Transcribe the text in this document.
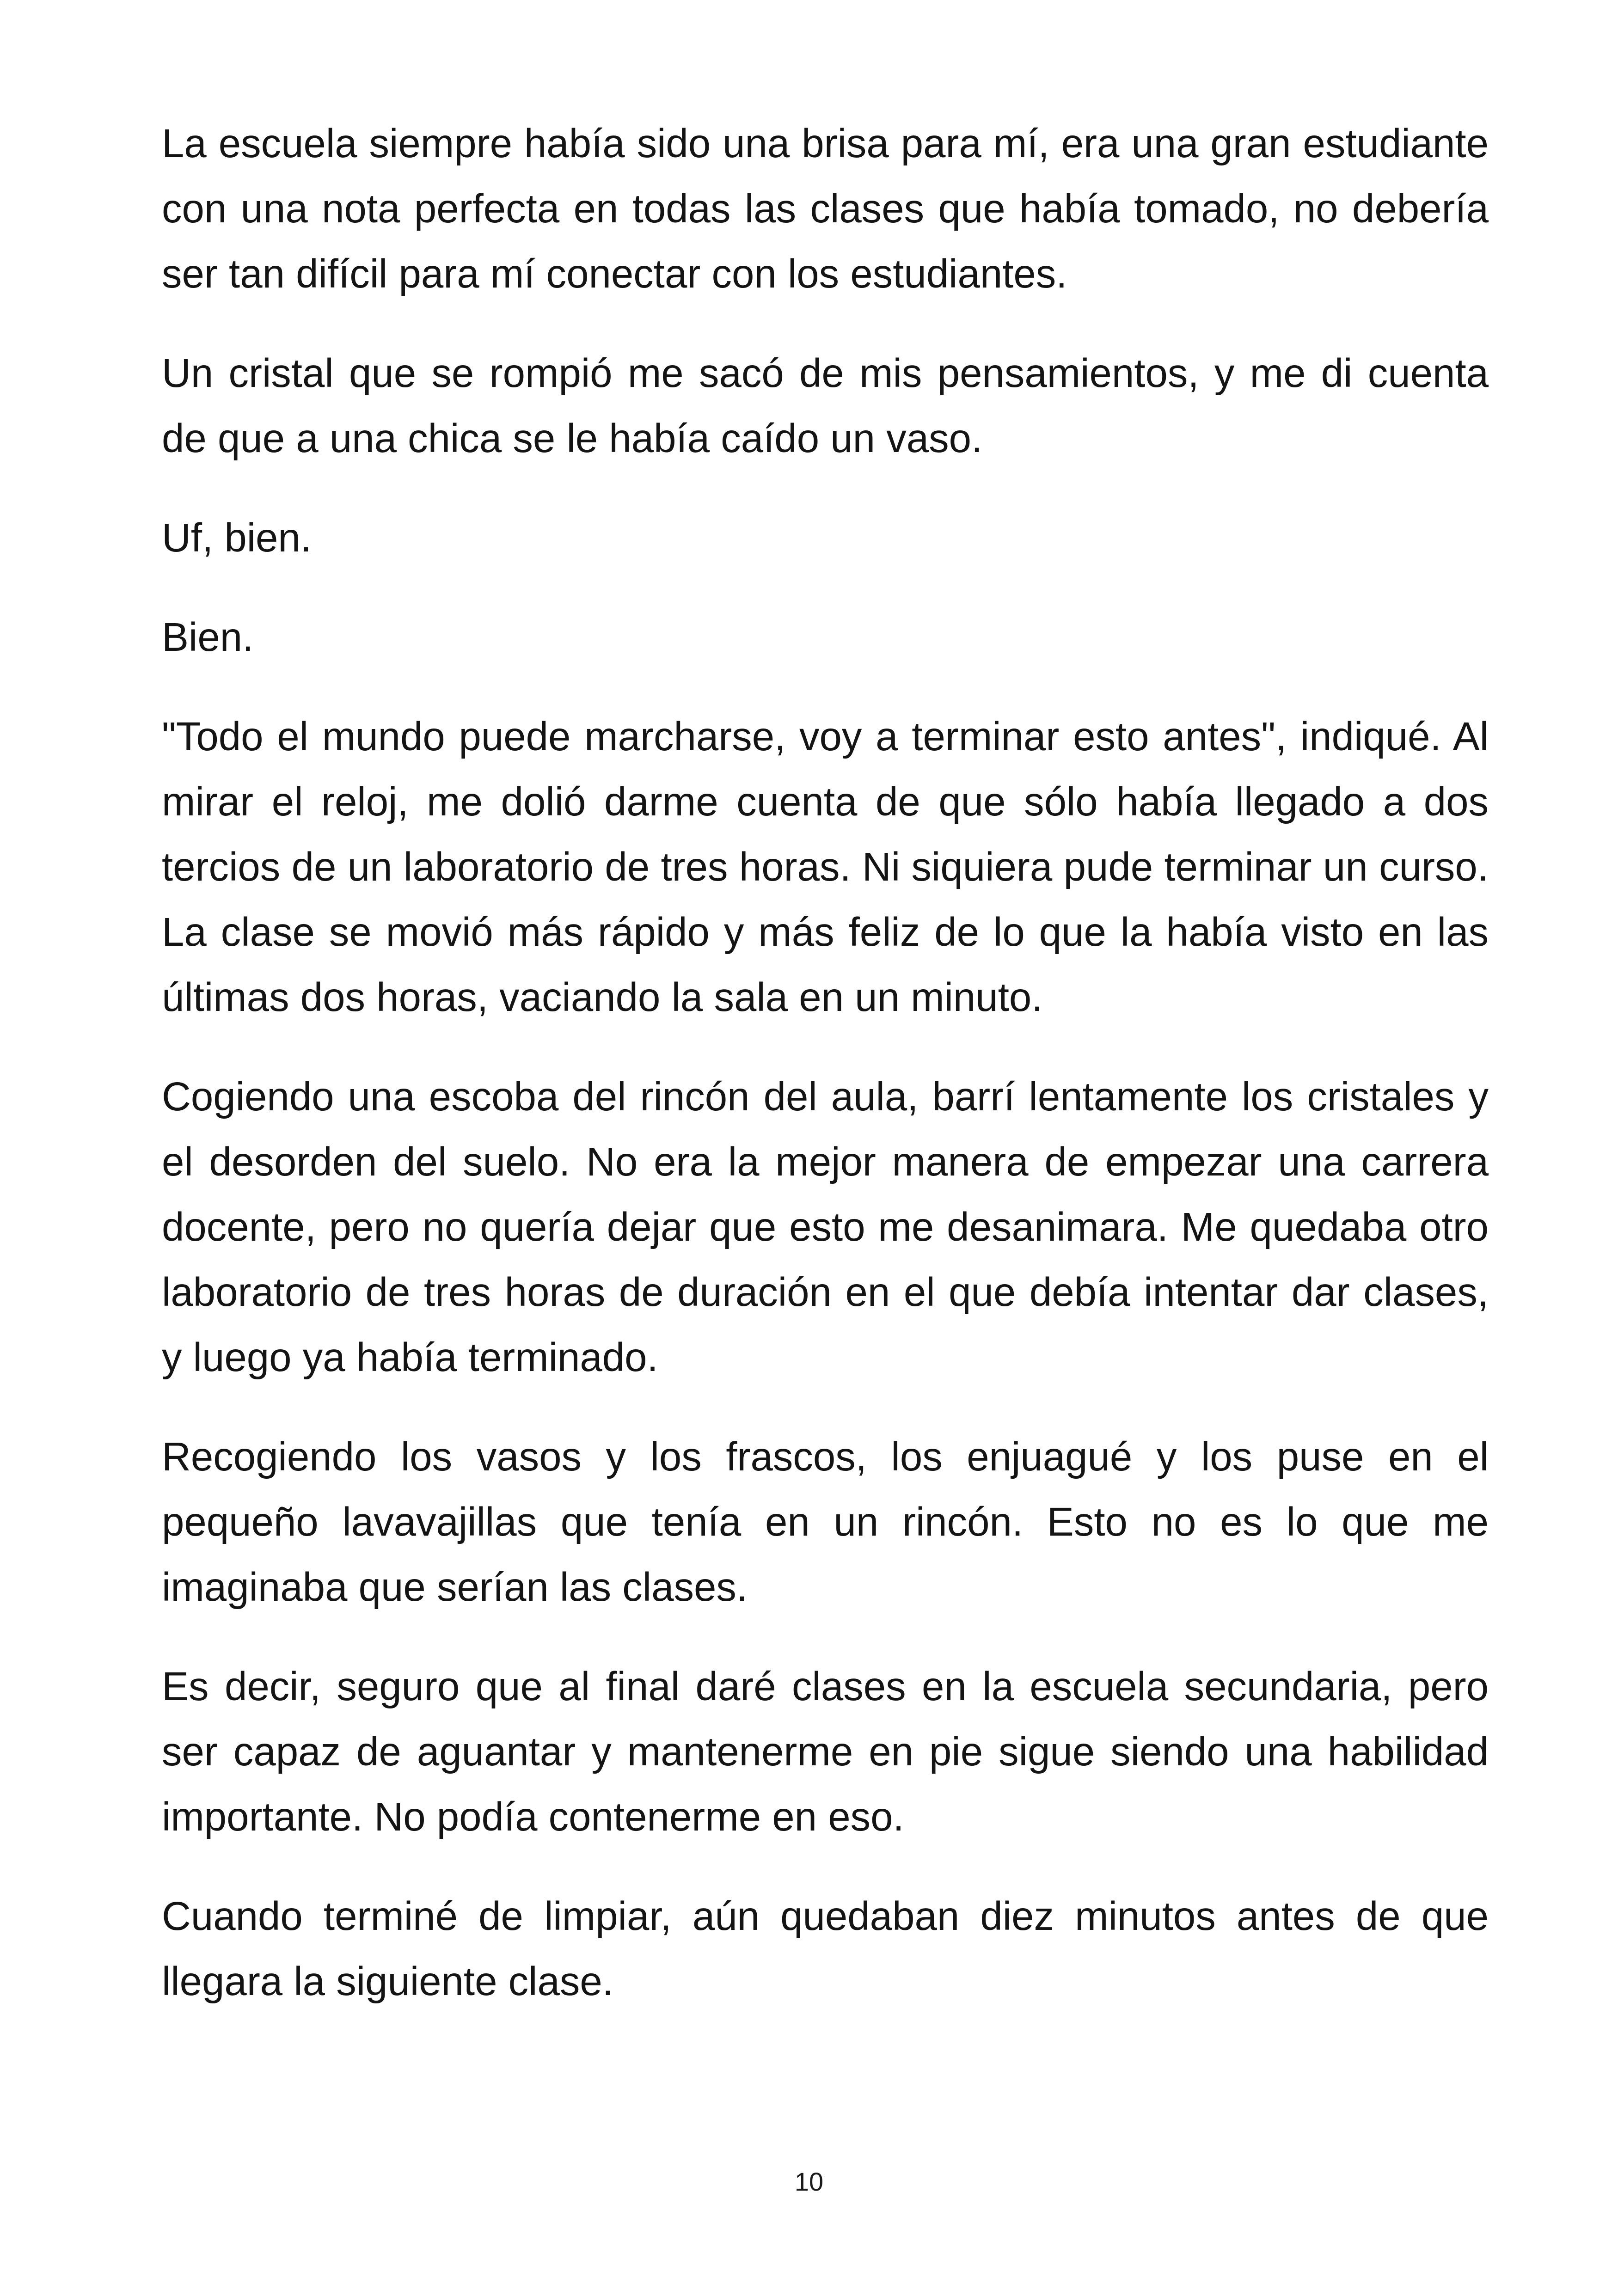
La escuela siempre había sido una brisa para mí, era una gran estudiante con una nota perfecta en todas las clases que había tomado, no debería ser tan difícil para mí conectar con los estudiantes.

Un cristal que se rompió me sacó de mis pensamientos, y me di cuenta de que a una chica se le había caído un vaso.

Uf, bien.

Bien.

"Todo el mundo puede marcharse, voy a terminar esto antes", indiqué. Al mirar el reloj, me dolió darme cuenta de que sólo había llegado a dos tercios de un laboratorio de tres horas. Ni siquiera pude terminar un curso. La clase se movió más rápido y más feliz de lo que la había visto en las últimas dos horas, vaciando la sala en un minuto.

Cogiendo una escoba del rincón del aula, barrí lentamente los cristales y el desorden del suelo. No era la mejor manera de empezar una carrera docente, pero no quería dejar que esto me desanimara. Me quedaba otro laboratorio de tres horas de duración en el que debía intentar dar clases, y luego ya había terminado.

Recogiendo los vasos y los frascos, los enjuagué y los puse en el pequeño lavavajillas que tenía en un rincón. Esto no es lo que me imaginaba que serían las clases.

Es decir, seguro que al final daré clases en la escuela secundaria, pero ser capaz de aguantar y mantenerme en pie sigue siendo una habilidad importante. No podía contenerme en eso.

Cuando terminé de limpiar, aún quedaban diez minutos antes de que llegara la siguiente clase.

10
